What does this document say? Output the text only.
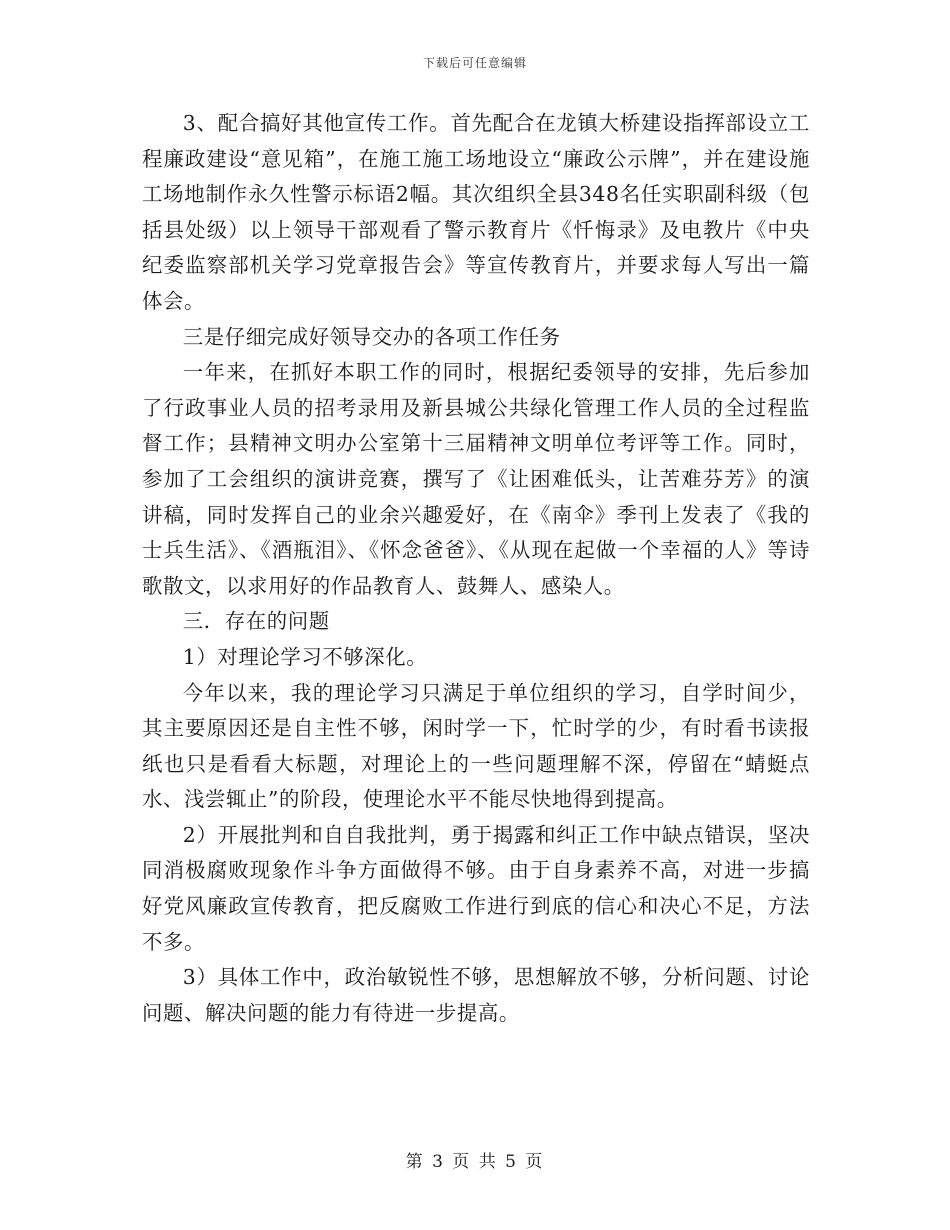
下载后可任意编辑

3、配合搞好其他宣传工作。首先配合在龙镇大桥建设指挥部设立工程廉政建设“意见箱”，在施工施工场地设立“廉政公示牌”，并在建设施工场地制作永久性警示标语2幅。其次组织全县348名任实职副科级（包括县处级）以上领导干部观看了警示教育片《忏悔录》及电教片《中央纪委监察部机关学习党章报告会》等宣传教育片，并要求每人写出一篇体会。

三是仔细完成好领导交办的各项工作任务

一年来，在抓好本职工作的同时，根据纪委领导的安排，先后参加了行政事业人员的招考录用及新县城公共绿化管理工作人员的全过程监督工作；县精神文明办公室第十三届精神文明单位考评等工作。同时，参加了工会组织的演讲竞赛，撰写了《让困难低头，让苦难芬芳》的演讲稿，同时发挥自己的业余兴趣爱好，在《南伞》季刊上发表了《我的士兵生活》、《酒瓶泪》、《怀念爸爸》、《从现在起做一个幸福的人》等诗歌散文，以求用好的作品教育人、鼓舞人、感染人。

三．存在的问题

1）对理论学习不够深化。

今年以来，我的理论学习只满足于单位组织的学习，自学时间少，其主要原因还是自主性不够，闲时学一下，忙时学的少，有时看书读报纸也只是看看大标题，对理论上的一些问题理解不深，停留在“蜻蜓点水、浅尝辄止”的阶段，使理论水平不能尽快地得到提高。

2）开展批判和自自我批判，勇于揭露和纠正工作中缺点错误，坚决同消极腐败现象作斗争方面做得不够。由于自身素养不高，对进一步搞好党风廉政宣传教育，把反腐败工作进行到底的信心和决心不足，方法不多。

3）具体工作中，政治敏锐性不够，思想解放不够，分析问题、讨论问题、解决问题的能力有待进一步提高。

第 3 页 共 5 页
